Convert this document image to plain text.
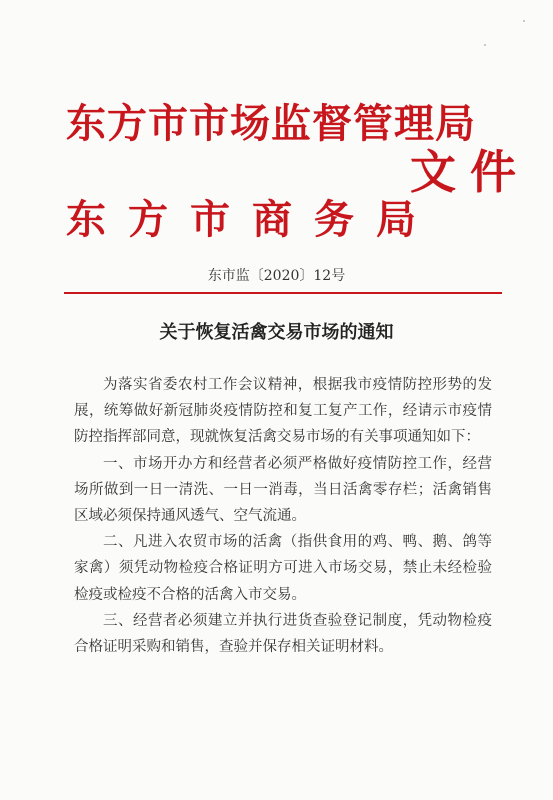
东方市市场监督管理局
文件
东方市商务局
东市监〔2020〕12号
关于恢复活禽交易市场的通知

为落实省委农村工作会议精神，根据我市疫情防控形势的发展，统筹做好新冠肺炎疫情防控和复工复产工作，经请示市疫情防控指挥部同意，现就恢复活禽交易市场的有关事项通知如下：

一、市场开办方和经营者必须严格做好疫情防控工作，经营场所做到一日一清洗、一日一消毒，当日活禽零存栏；活禽销售区域必须保持通风透气、空气流通。

二、凡进入农贸市场的活禽（指供食用的鸡、鸭、鹅、鸽等家禽）须凭动物检疫合格证明方可进入市场交易，禁止未经检验检疫或检疫不合格的活禽入市交易。

三、经营者必须建立并执行进货查验登记制度，凭动物检疫合格证明采购和销售，查验并保存相关证明材料。
